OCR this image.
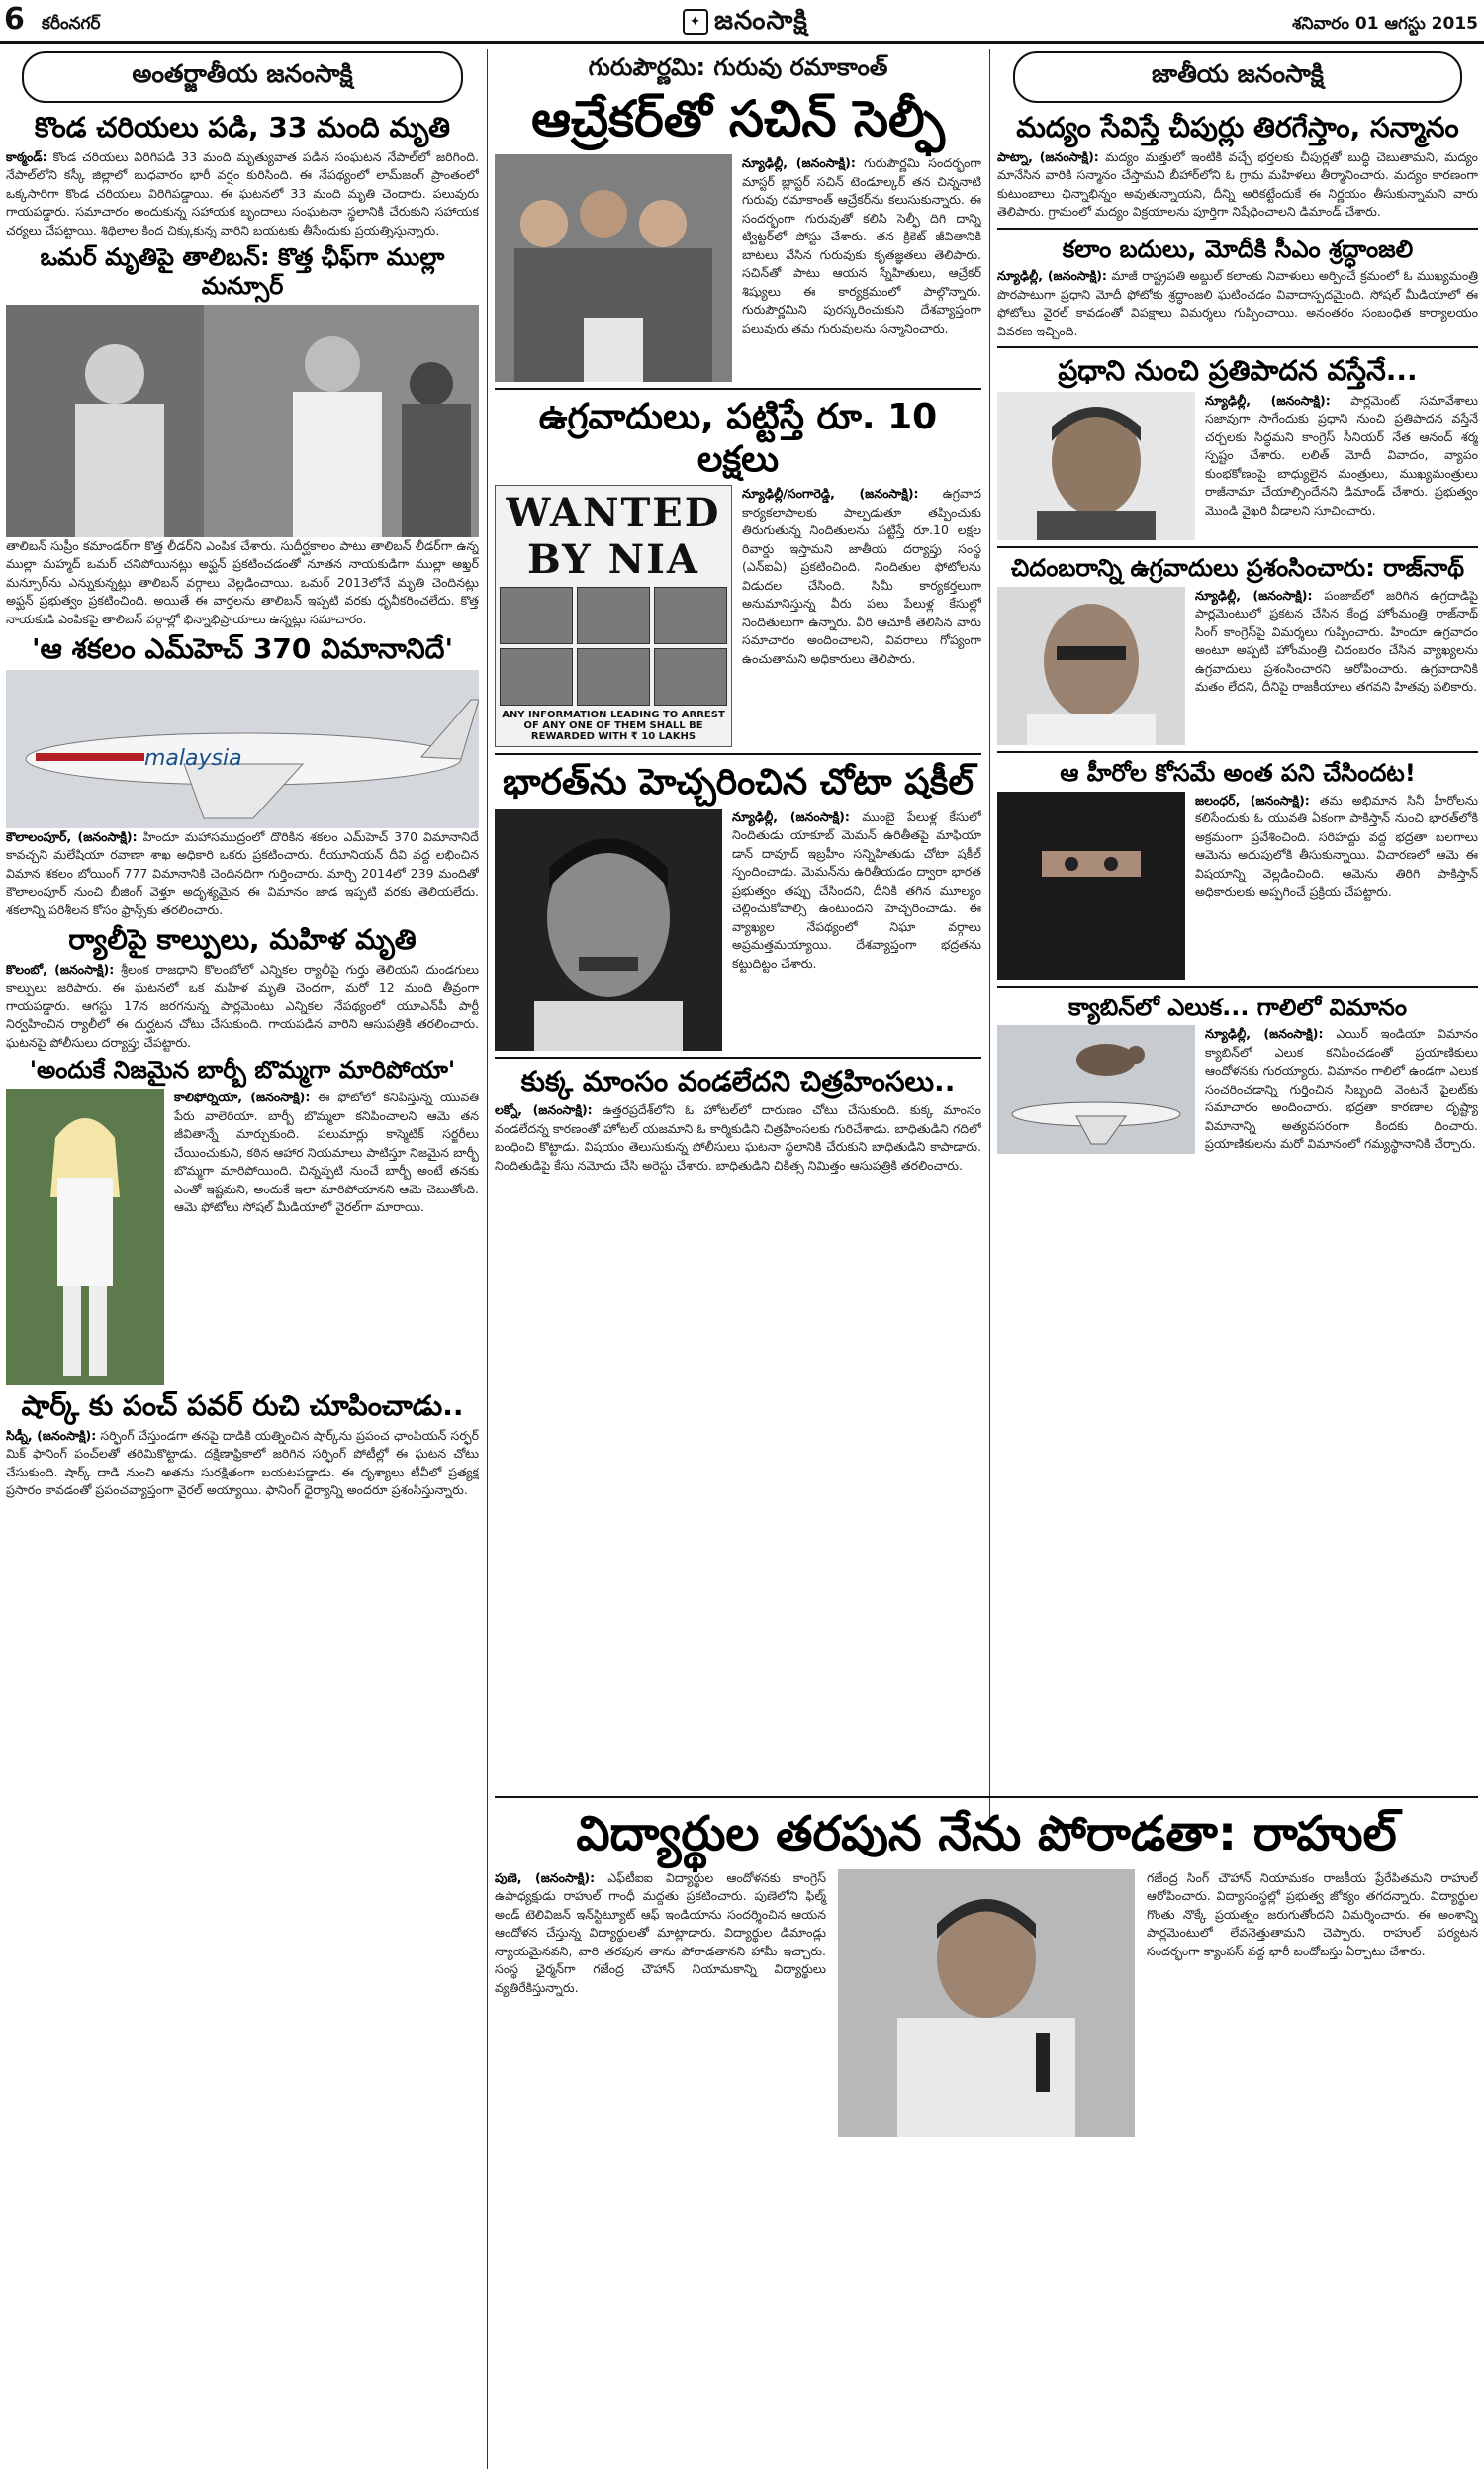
6 కరీంనగర్	✦ జనంసాక్షి	శనివారం 01 ఆగస్టు 2015
అంతర్జాతీయ జనంసాక్షి
కొండ చరియలు పడి, 33 మంది మృతి
కాఠ్మండ్‌: కొండ చరియలు విరిగిపడి 33 మంది మృత్యువాత పడిన సంఘటన నేపాల్‌లో జరిగింది. నేపాల్‌లోని కస్కీ జిల్లాలో బుధవారం భారీ వర్షం కురిసింది. ఈ నేపథ్యంలో లామ్‌జంగ్‌ ప్రాంతంలో ఒక్కసారిగా కొండ చరియలు విరిగిపడ్డాయి. ఈ ఘటనలో 33 మంది మృతి చెందారు. పలువురు గాయపడ్డారు. సమాచారం అందుకున్న సహాయక బృందాలు సంఘటనా స్థలానికి చేరుకుని సహాయక చర్యలు చేపట్టాయి. శిథిలాల కింద చిక్కుకున్న వారిని బయటకు తీసేందుకు ప్రయత్నిస్తున్నారు.
ఒమర్‌ మృతిపై తాలిబన్‌: కొత్త ఛీఫ్‌గా ముల్లా మన్సూర్‌
తాలిబన్‌ సుప్రీం కమాండర్‌గా కొత్త లీడర్‌ని ఎంపిక చేశారు. సుదీర్ఘకాలం పాటు తాలిబన్‌ లీడర్‌గా ఉన్న ముల్లా మహ్మద్‌ ఒమర్‌ చనిపోయినట్లు అఫ్ఘన్‌ ప్రకటించడంతో నూతన నాయకుడిగా ముల్లా అఖ్తర్‌ మన్సూర్‌ను ఎన్నుకున్నట్లు తాలిబన్‌ వర్గాలు వెల్లడించాయి. ఒమర్‌ 2013లోనే మృతి చెందినట్లు అఫ్ఘన్‌ ప్రభుత్వం ప్రకటించింది. అయితే ఈ వార్తలను తాలిబన్‌ ఇప్పటి వరకు ధృవీకరించలేదు. కొత్త నాయకుడి ఎంపికపై తాలిబన్‌ వర్గాల్లో భిన్నాభిప్రాయాలు ఉన్నట్లు సమాచారం.
'ఆ శకలం ఎమ్‌హెచ్‌ 370 విమానానిదే'
malaysia
కౌలాలంపూర్‌, (జనంసాక్షి): హిందూ మహాసముద్రంలో దొరికిన శకలం ఎమ్‌హెచ్‌ 370 విమానానిదే కావచ్చని మలేషియా రవాణా శాఖ అధికారి ఒకరు ప్రకటించారు. రీయూనియన్‌ దీవి వద్ద లభించిన విమాన శకలం బోయింగ్‌ 777 విమానానికి చెందినదిగా గుర్తించారు. మార్చి 2014లో 239 మందితో కౌలాలంపూర్‌ నుంచి బీజింగ్‌ వెళ్తూ అదృశ్యమైన ఈ విమానం జాడ ఇప్పటి వరకు తెలియలేదు. శకలాన్ని పరిశీలన కోసం ఫ్రాన్స్‌కు తరలించారు.
ర్యాలీపై కాల్పులు, మహిళ మృతి
కొలంబో, (జనంసాక్షి): శ్రీలంక రాజధాని కొలంబోలో ఎన్నికల ర్యాలీపై గుర్తు తెలియని దుండగులు కాల్పులు జరిపారు. ఈ ఘటనలో ఒక మహిళ మృతి చెందగా, మరో 12 మంది తీవ్రంగా గాయపడ్డారు. ఆగస్టు 17న జరగనున్న పార్లమెంటు ఎన్నికల నేపథ్యంలో యూఎన్‌పీ పార్టీ నిర్వహించిన ర్యాలీలో ఈ దుర్ఘటన చోటు చేసుకుంది. గాయపడిన వారిని ఆసుపత్రికి తరలించారు. ఘటనపై పోలీసులు దర్యాప్తు చేపట్టారు.
'అందుకే నిజమైన బార్బీ బొమ్మగా మారిపోయా'
కాలిఫోర్నియా, (జనంసాక్షి): ఈ ఫోటోలో కనిపిస్తున్న యువతి పేరు వాలెరియా. బార్బీ బొమ్మలా కనిపించాలని ఆమె తన జీవితాన్నే మార్చుకుంది. పలుమార్లు కాస్మెటిక్‌ సర్జరీలు చేయించుకుని, కఠిన ఆహార నియమాలు పాటిస్తూ నిజమైన బార్బీ బొమ్మగా మారిపోయింది. చిన్నప్పటి నుంచే బార్బీ అంటే తనకు ఎంతో ఇష్టమని, అందుకే ఇలా మారిపోయానని ఆమె చెబుతోంది. ఆమె ఫోటోలు సోషల్‌ మీడియాలో వైరల్‌గా మారాయి.
షార్క్‌ కు పంచ్‌ పవర్‌ రుచి చూపించాడు..
సిడ్నీ, (జనంసాక్షి): సర్ఫింగ్‌ చేస్తుండగా తనపై దాడికి యత్నించిన షార్క్‌ను ప్రపంచ ఛాంపియన్‌ సర్ఫర్‌ మిక్‌ ఫానింగ్‌ పంచ్‌లతో తరిమికొట్టాడు. దక్షిణాఫ్రికాలో జరిగిన సర్ఫింగ్‌ పోటీల్లో ఈ ఘటన చోటు చేసుకుంది. షార్క్‌ దాడి నుంచి అతను సురక్షితంగా బయటపడ్డాడు. ఈ దృశ్యాలు టీవీలో ప్రత్యక్ష ప్రసారం కావడంతో ప్రపంచవ్యాప్తంగా వైరల్‌ అయ్యాయి. ఫానింగ్‌ ధైర్యాన్ని అందరూ ప్రశంసిస్తున్నారు.
గురుపౌర్ణమి: గురువు రమాకాంత్‌
ఆచ్రేకర్‌తో సచిన్‌ సెల్ఫీ
న్యూఢిల్లీ, (జనంసాక్షి): గురుపౌర్ణమి సందర్భంగా మాస్టర్‌ బ్లాస్టర్‌ సచిన్‌ టెండూల్కర్‌ తన చిన్ననాటి గురువు రమాకాంత్‌ ఆచ్రేకర్‌ను కలుసుకున్నారు. ఈ సందర్భంగా గురువుతో కలిసి సెల్ఫీ దిగి దాన్ని ట్విట్టర్‌లో పోస్టు చేశారు. తన క్రికెట్‌ జీవితానికి బాటలు వేసిన గురువుకు కృతజ్ఞతలు తెలిపారు. సచిన్‌తో పాటు ఆయన స్నేహితులు, ఆచ్రేకర్‌ శిష్యులు ఈ కార్యక్రమంలో పాల్గొన్నారు. గురుపౌర్ణమిని పురస్కరించుకుని దేశవ్యాప్తంగా పలువురు తమ గురువులను సన్మానించారు.
ఉగ్రవాదులు, పట్టిస్తే రూ. 10 లక్షలు
WANTED BY NIA
ANY INFORMATION LEADING TO ARREST OF ANY ONE OF THEM SHALL BE REWARDED WITH ₹ 10 LAKHS
న్యూఢిల్లీ/సంగారెడ్డి, (జనంసాక్షి): ఉగ్రవాద కార్యకలాపాలకు పాల్పడుతూ తప్పించుకు తిరుగుతున్న నిందితులను పట్టిస్తే రూ.10 లక్షల రివార్డు ఇస్తామని జాతీయ దర్యాప్తు సంస్థ (ఎన్‌ఐఏ) ప్రకటించింది. నిందితుల ఫోటోలను విడుదల చేసింది. సిమీ కార్యకర్తలుగా అనుమానిస్తున్న వీరు పలు పేలుళ్ల కేసుల్లో నిందితులుగా ఉన్నారు. వీరి ఆచూకీ తెలిసిన వారు సమాచారం అందించాలని, వివరాలు గోప్యంగా ఉంచుతామని అధికారులు తెలిపారు.
భారత్‌ను హెచ్చరించిన చోటా షకీల్‌
న్యూఢిల్లీ, (జనంసాక్షి): ముంబై పేలుళ్ల కేసులో నిందితుడు యాకూబ్‌ మెమన్‌ ఉరితీతపై మాఫియా డాన్‌ దావూద్‌ ఇబ్రహీం సన్నిహితుడు చోటా షకీల్‌ స్పందించాడు. మెమన్‌ను ఉరితీయడం ద్వారా భారత ప్రభుత్వం తప్పు చేసిందని, దీనికి తగిన మూల్యం చెల్లించుకోవాల్సి ఉంటుందని హెచ్చరించాడు. ఈ వ్యాఖ్యల నేపథ్యంలో నిఘా వర్గాలు అప్రమత్తమయ్యాయి. దేశవ్యాప్తంగా భద్రతను కట్టుదిట్టం చేశారు.
కుక్క మాంసం వండలేదని చిత్రహింసలు..
లక్నో, (జనంసాక్షి): ఉత్తరప్రదేశ్‌లోని ఓ హోటల్‌లో దారుణం చోటు చేసుకుంది. కుక్క మాంసం వండలేదన్న కారణంతో హోటల్‌ యజమాని ఓ కార్మికుడిని చిత్రహింసలకు గురిచేశాడు. బాధితుడిని గదిలో బంధించి కొట్టాడు. విషయం తెలుసుకున్న పోలీసులు ఘటనా స్థలానికి చేరుకుని బాధితుడిని కాపాడారు. నిందితుడిపై కేసు నమోదు చేసి అరెస్టు చేశారు. బాధితుడిని చికిత్స నిమిత్తం ఆసుపత్రికి తరలించారు.
జాతీయ జనంసాక్షి
మద్యం సేవిస్తే చీపుర్లు తిరగేస్తాం, సన్మానం
పాట్నా, (జనంసాక్షి): మద్యం మత్తులో ఇంటికి వచ్చే భర్తలకు చీపుర్లతో బుద్ధి చెబుతామని, మద్యం మానేసిన వారికి సన్మానం చేస్తామని బీహార్‌లోని ఓ గ్రామ మహిళలు తీర్మానించారు. మద్యం కారణంగా కుటుంబాలు ఛిన్నాభిన్నం అవుతున్నాయని, దీన్ని అరికట్టేందుకే ఈ నిర్ణయం తీసుకున్నామని వారు తెలిపారు. గ్రామంలో మద్యం విక్రయాలను పూర్తిగా నిషేధించాలని డిమాండ్‌ చేశారు.
కలాం బదులు, మోదీకి సీఎం శ్రద్ధాంజలి
న్యూఢిల్లీ, (జనంసాక్షి): మాజీ రాష్ట్రపతి అబ్దుల్‌ కలాంకు నివాళులు అర్పించే క్రమంలో ఓ ముఖ్యమంత్రి పొరపాటుగా ప్రధాని మోదీ ఫోటోకు శ్రద్ధాంజలి ఘటించడం వివాదాస్పదమైంది. సోషల్‌ మీడియాలో ఈ ఫోటోలు వైరల్‌ కావడంతో విపక్షాలు విమర్శలు గుప్పించాయి. అనంతరం సంబంధిత కార్యాలయం వివరణ ఇచ్చింది.
ప్రధాని నుంచి ప్రతిపాదన వస్తేనే...
న్యూఢిల్లీ, (జనంసాక్షి): పార్లమెంట్‌ సమావేశాలు సజావుగా సాగేందుకు ప్రధాని నుంచి ప్రతిపాదన వస్తేనే చర్చలకు సిద్ధమని కాంగ్రెస్‌ సీనియర్‌ నేత ఆనంద్‌ శర్మ స్పష్టం చేశారు. లలిత్‌ మోదీ వివాదం, వ్యాపం కుంభకోణంపై బాధ్యులైన మంత్రులు, ముఖ్యమంత్రులు రాజీనామా చేయాల్సిందేనని డిమాండ్‌ చేశారు. ప్రభుత్వం మొండి వైఖరి వీడాలని సూచించారు.
చిదంబరాన్ని ఉగ్రవాదులు ప్రశంసించారు: రాజ్‌నాథ్‌
న్యూఢిల్లీ, (జనంసాక్షి): పంజాబ్‌లో జరిగిన ఉగ్రదాడిపై పార్లమెంటులో ప్రకటన చేసిన కేంద్ర హోంమంత్రి రాజ్‌నాథ్‌ సింగ్‌ కాంగ్రెస్‌పై విమర్శలు గుప్పించారు. హిందూ ఉగ్రవాదం అంటూ అప్పటి హోంమంత్రి చిదంబరం చేసిన వ్యాఖ్యలను ఉగ్రవాదులు ప్రశంసించారని ఆరోపించారు. ఉగ్రవాదానికి మతం లేదని, దీనిపై రాజకీయాలు తగవని హితవు పలికారు.
ఆ హీరోల కోసమే అంత పని చేసిందట!
జలంధర్‌, (జనంసాక్షి): తమ అభిమాన సినీ హీరోలను కలిసేందుకు ఓ యువతి ఏకంగా పాకిస్తాన్‌ నుంచి భారత్‌లోకి అక్రమంగా ప్రవేశించింది. సరిహద్దు వద్ద భద్రతా బలగాలు ఆమెను అదుపులోకి తీసుకున్నాయి. విచారణలో ఆమె ఈ విషయాన్ని వెల్లడించింది. ఆమెను తిరిగి పాకిస్తాన్‌ అధికారులకు అప్పగించే ప్రక్రియ చేపట్టారు.
క్యాబిన్‌లో ఎలుక... గాలిలో విమానం
న్యూఢిల్లీ, (జనంసాక్షి): ఎయిర్‌ ఇండియా విమానం క్యాబిన్‌లో ఎలుక కనిపించడంతో ప్రయాణికులు ఆందోళనకు గురయ్యారు. విమానం గాలిలో ఉండగా ఎలుక సంచరించడాన్ని గుర్తించిన సిబ్బంది వెంటనే పైలట్‌కు సమాచారం అందించారు. భద్రతా కారణాల దృష్ట్యా విమానాన్ని అత్యవసరంగా కిందకు దించారు. ప్రయాణికులను మరో విమానంలో గమ్యస్థానానికి చేర్చారు.
విద్యార్థుల తరపున నేను పోరాడతా: రాహుల్‌
పుణె, (జనంసాక్షి): ఎఫ్‌టీఐఐ విద్యార్థుల ఆందోళనకు కాంగ్రెస్‌ ఉపాధ్యక్షుడు రాహుల్‌ గాంధీ మద్దతు ప్రకటించారు. పుణెలోని ఫిల్మ్‌ అండ్‌ టెలివిజన్‌ ఇన్‌స్టిట్యూట్‌ ఆఫ్‌ ఇండియాను సందర్శించిన ఆయన ఆందోళన చేస్తున్న విద్యార్థులతో మాట్లాడారు. విద్యార్థుల డిమాండ్లు న్యాయమైనవని, వారి తరపున తాను పోరాడతానని హామీ ఇచ్చారు. సంస్థ ఛైర్మన్‌గా గజేంద్ర చౌహాన్‌ నియామకాన్ని విద్యార్థులు వ్యతిరేకిస్తున్నారు.
గజేంద్ర సింగ్‌ చౌహాన్‌ నియామకం రాజకీయ ప్రేరేపితమని రాహుల్‌ ఆరోపించారు. విద్యాసంస్థల్లో ప్రభుత్వ జోక్యం తగదన్నారు. విద్యార్థుల గొంతు నొక్కే ప్రయత్నం జరుగుతోందని విమర్శించారు. ఈ అంశాన్ని పార్లమెంటులో లేవనెత్తుతామని చెప్పారు. రాహుల్‌ పర్యటన సందర్భంగా క్యాంపస్‌ వద్ద భారీ బందోబస్తు ఏర్పాటు చేశారు.
